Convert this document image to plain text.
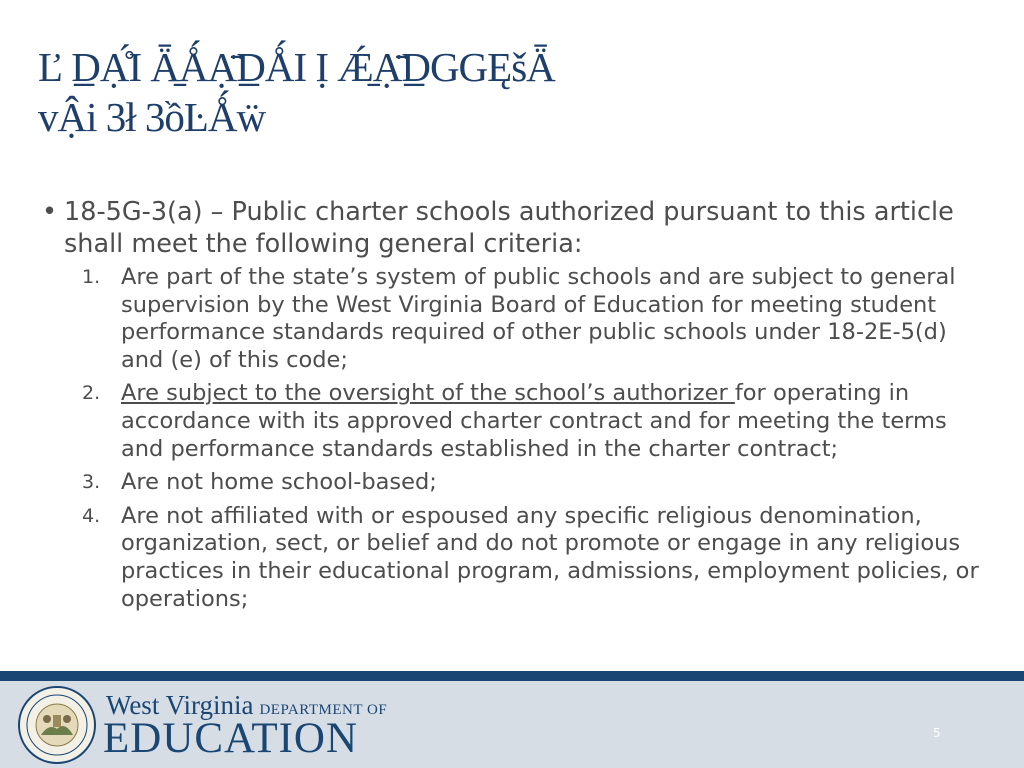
Ľ D̲Ạ̊́I Ǟ̱ǺẠ̈̄D̲ǺI Ị Ǽ̱Ạ̈̄D̲GGĘšǞ
vẬi 3ł 3ồĿǺẅ
• 18-5G-3(a) – Public charter schools authorized pursuant to this article shall meet the following general criteria:
1. Are part of the state’s system of public schools and are subject to general supervision by the West Virginia Board of Education for meeting student performance standards required of other public schools under 18-2E-5(d) and (e) of this code;
2. Are subject to the oversight of the school’s authorizer for operating in accordance with its approved charter contract and for meeting the terms and performance standards established in the charter contract;
3. Are not home school-based;
4. Are not affiliated with or espoused any specific religious denomination, organization, sect, or belief and do not promote or engage in any religious practices in their educational program, admissions, employment policies, or operations;
West Virginia DEPARTMENT OF
EDUCATION	5
